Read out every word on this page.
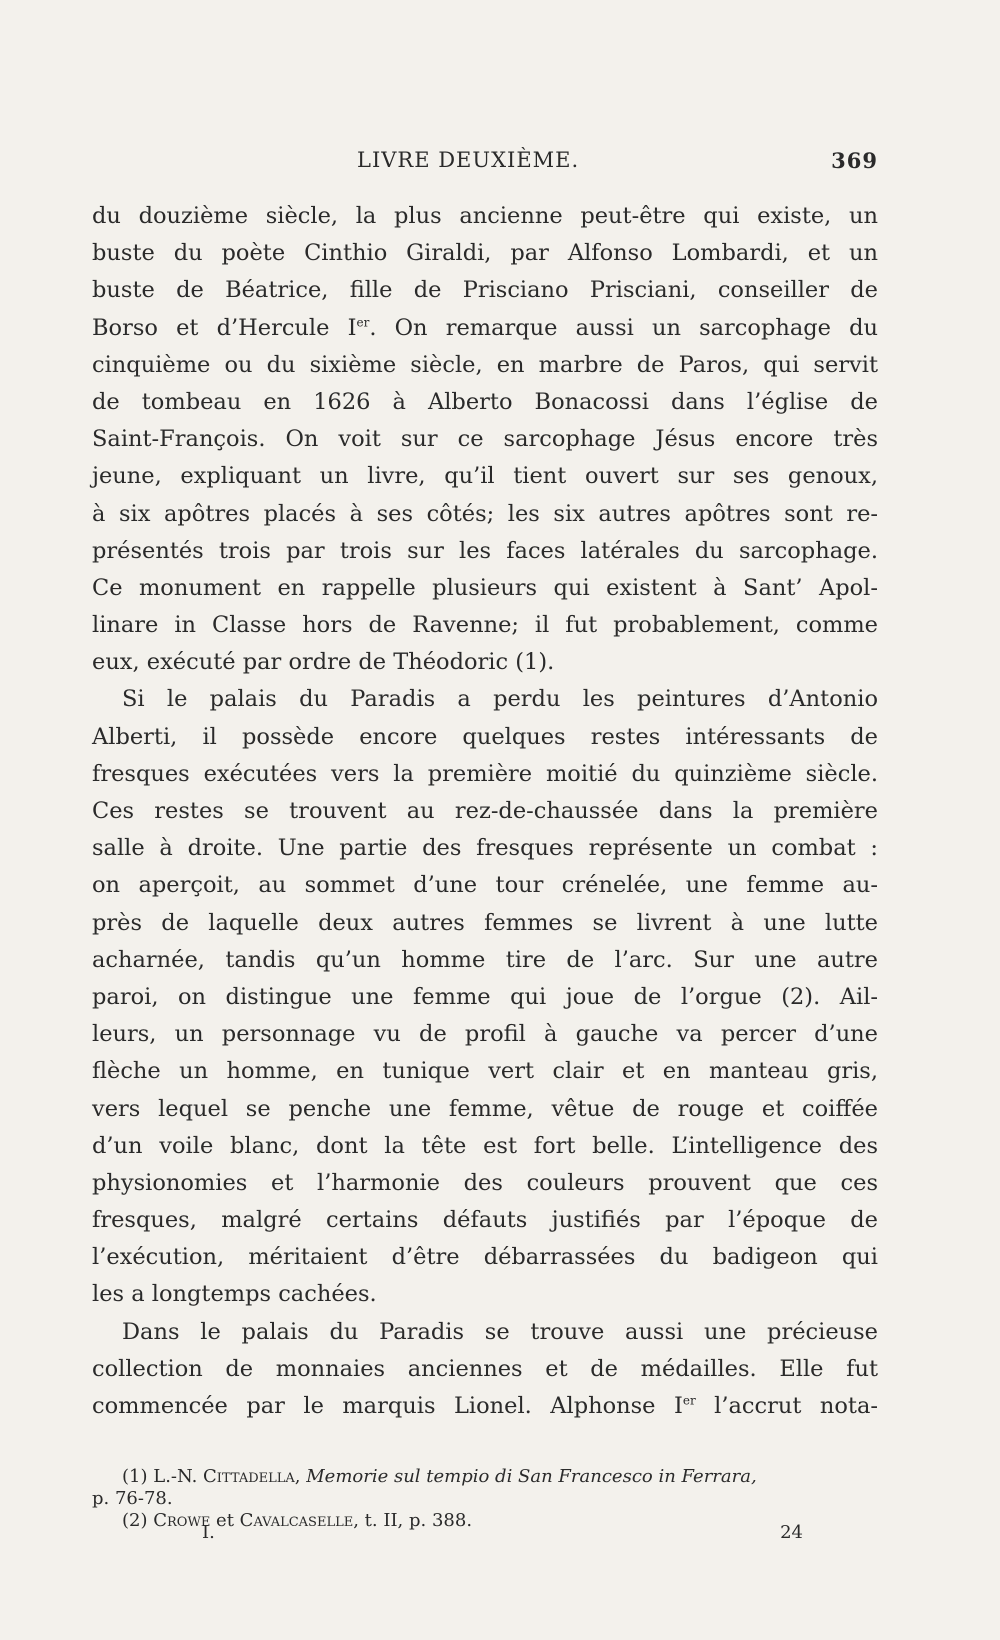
LIVRE DEUXIÈME.	369
du douzième siècle, la plus ancienne peut-être qui existe, un
buste du poète Cinthio Giraldi, par Alfonso Lombardi, et un
buste de Béatrice, fille de Prisciano Prisciani, conseiller de
Borso et d’Hercule Ier. On remarque aussi un sarcophage du
cinquième ou du sixième siècle, en marbre de Paros, qui servit
de tombeau en 1626 à Alberto Bonacossi dans l’église de
Saint-François. On voit sur ce sarcophage Jésus encore très
jeune, expliquant un livre, qu’il tient ouvert sur ses genoux,
à six apôtres placés à ses côtés; les six autres apôtres sont re-
présentés trois par trois sur les faces latérales du sarcophage.
Ce monument en rappelle plusieurs qui existent à Sant’ Apol-
linare in Classe hors de Ravenne; il fut probablement, comme
eux, exécuté par ordre de Théodoric (1).
Si le palais du Paradis a perdu les peintures d’Antonio
Alberti, il possède encore quelques restes intéressants de
fresques exécutées vers la première moitié du quinzième siècle.
Ces restes se trouvent au rez-de-chaussée dans la première
salle à droite. Une partie des fresques représente un combat :
on aperçoit, au sommet d’une tour crénelée, une femme au-
près de laquelle deux autres femmes se livrent à une lutte
acharnée, tandis qu’un homme tire de l’arc. Sur une autre
paroi, on distingue une femme qui joue de l’orgue (2). Ail-
leurs, un personnage vu de profil à gauche va percer d’une
flèche un homme, en tunique vert clair et en manteau gris,
vers lequel se penche une femme, vêtue de rouge et coiffée
d’un voile blanc, dont la tête est fort belle. L’intelligence des
physionomies et l’harmonie des couleurs prouvent que ces
fresques, malgré certains défauts justifiés par l’époque de
l’exécution, méritaient d’être débarrassées du badigeon qui
les a longtemps cachées.
Dans le palais du Paradis se trouve aussi une précieuse
collection de monnaies anciennes et de médailles. Elle fut
commencée par le marquis Lionel. Alphonse Ier l’accrut nota-
(1) L.-N. Cittadella, Memorie sul tempio di San Francesco in Ferrara,
p. 76-78.
(2) Crowe et Cavalcaselle, t. II, p. 388.
I.	24
